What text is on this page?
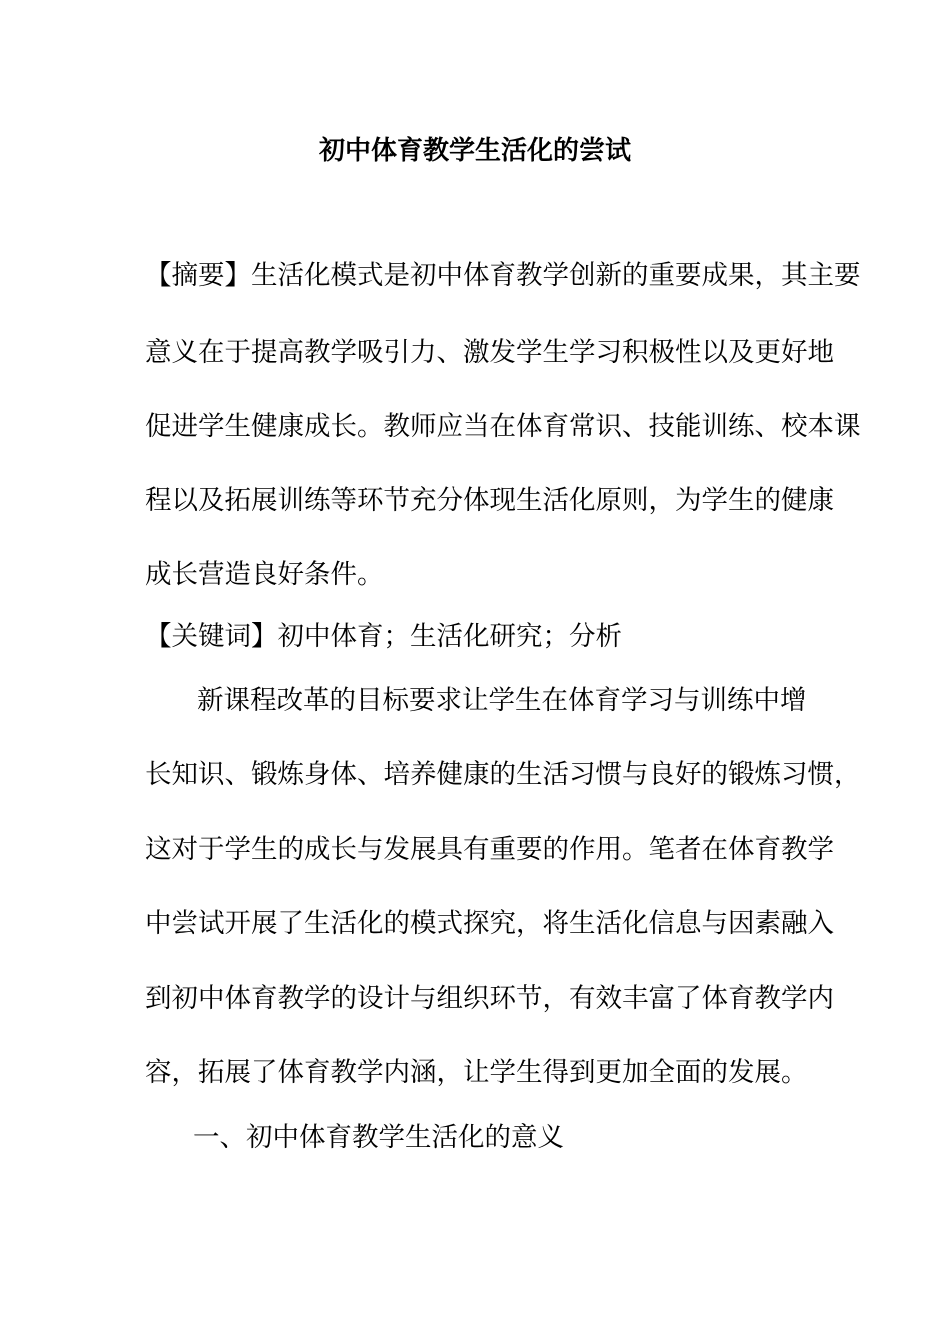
初中体育教学生活化的尝试
【摘要】生活化模式是初中体育教学创新的重要成果，其主要
意义在于提高教学吸引力、激发学生学习积极性以及更好地
促进学生健康成长。教师应当在体育常识、技能训练、校本课
程以及拓展训练等环节充分体现生活化原则，为学生的健康
成长营造良好条件。
【关键词】初中体育；生活化研究；分析
新课程改革的目标要求让学生在体育学习与训练中增
长知识、锻炼身体、培养健康的生活习惯与良好的锻炼习惯，
这对于学生的成长与发展具有重要的作用。笔者在体育教学
中尝试开展了生活化的模式探究，将生活化信息与因素融入
到初中体育教学的设计与组织环节，有效丰富了体育教学内
容，拓展了体育教学内涵，让学生得到更加全面的发展。
一、初中体育教学生活化的意义
